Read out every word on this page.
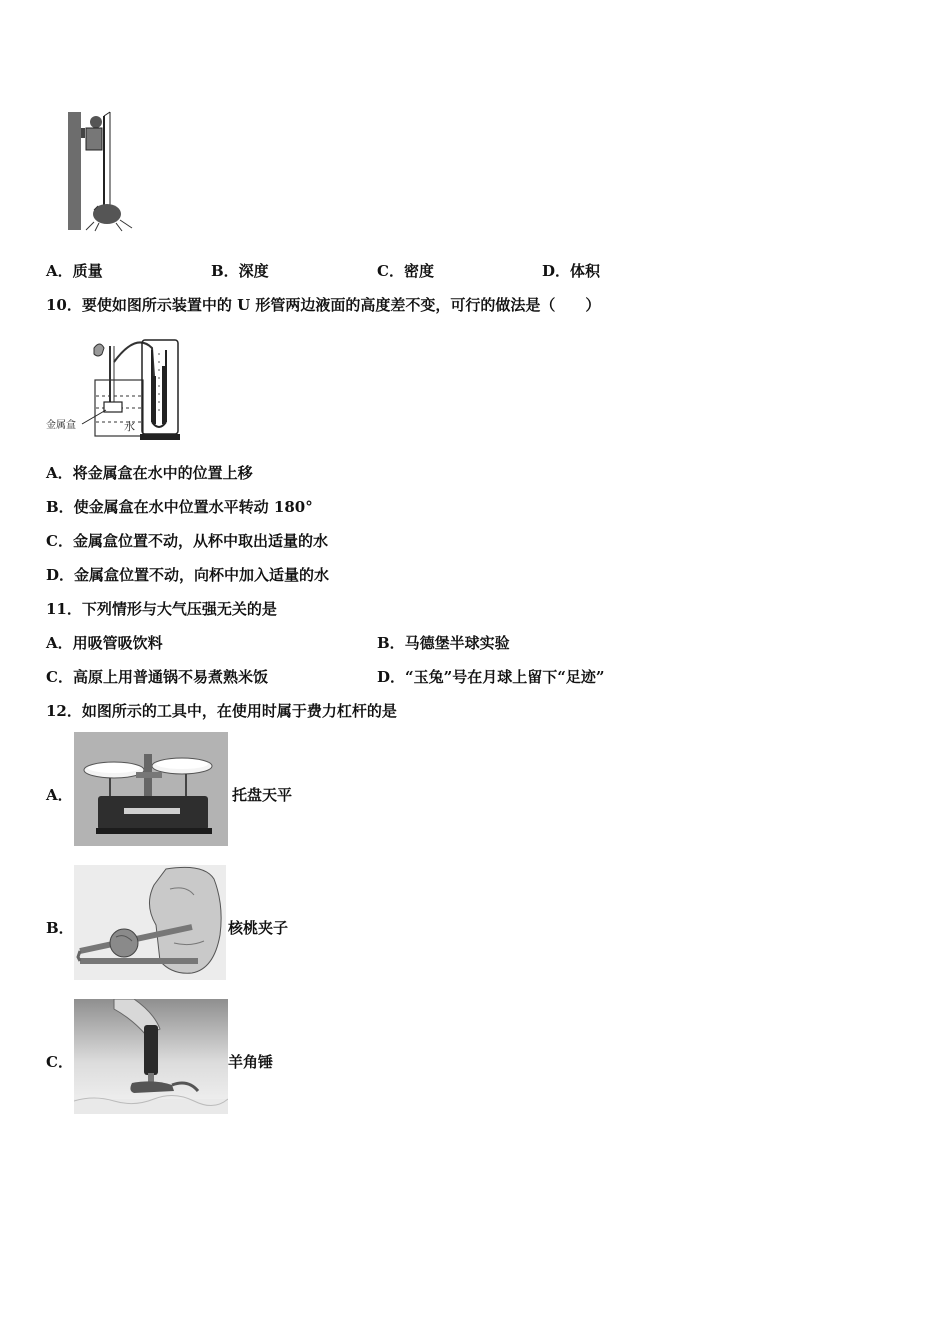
A．质量	B．深度	C．密度	D．体积
10．要使如图所示装置中的 U 形管两边液面的高度差不变，可行的做法是（　　）
金属盒	水
A．将金属盒在水中的位置上移
B．使金属盒在水中位置水平转动 180°
C．金属盒位置不动，从杯中取出适量的水
D．金属盒位置不动，向杯中加入适量的水
11．下列情形与大气压强无关的是
A．用吸管吸饮料	B．马德堡半球实验
C．高原上用普通锅不易煮熟米饭	D．“玉兔”号在月球上留下“足迹”
12．如图所示的工具中，在使用时属于费力杠杆的是
A．	托盘天平
B．	核桃夹子
C．	羊角锤
